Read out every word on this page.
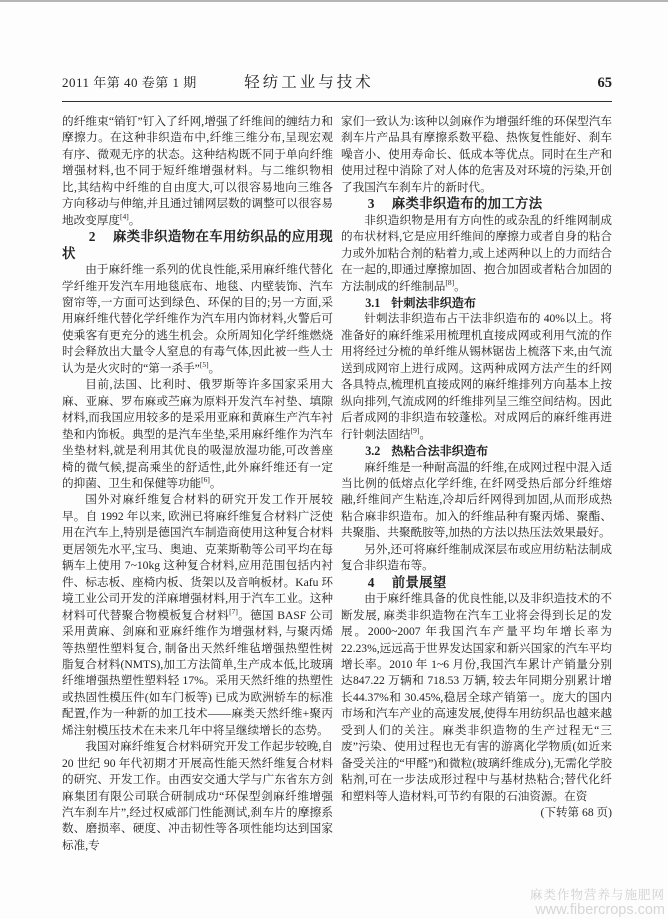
2011 年第 40 卷第 1 期	轻纺工业与技术	65

的纤维束“销钉”钉入了纤网,增强了纤维间的缠结力和摩擦力。在这种非织造布中,纤维三维分布,呈现宏观有序、微观无序的状态。这种结构既不同于单向纤维增强材料,也不同于短纤维增强材料。与二维织物相比,其结构中纤维的自由度大,可以很容易地向三维各方向移动与伸缩,并且通过铺网层数的调整可以很容易地改变厚度[4]。

2 麻类非织造物在车用纺织品的应用现状

由于麻纤维一系列的优良性能,采用麻纤维代替化学纤维开发汽车用地毯底布、地毯、内壁装饰、汽车窗帘等,一方面可达到绿色、环保的目的;另一方面,采用麻纤维代替化学纤维作为汽车用内饰材料,火警后可使乘客有更充分的逃生机会。众所周知化学纤维燃烧时会释放出大量令人窒息的有毒气体,因此被一些人士认为是火灾时的“第一杀手”[5]。

目前,法国、比利时、俄罗斯等许多国家采用大麻、亚麻、罗布麻或苎麻为原料开发汽车衬垫、填隙材料,而我国应用较多的是采用亚麻和黄麻生产汽车衬垫和内饰板。典型的是汽车坐垫,采用麻纤维作为汽车坐垫材料,就是利用其优良的吸湿放湿功能,可改善座椅的微气候,提高乘坐的舒适性,此外麻纤维还有一定的抑菌、卫生和保健等功能[6]。

国外对麻纤维复合材料的研究开发工作开展较早。自 1992 年以来, 欧洲已将麻纤维复合材料广泛使用在汽车上,特别是德国汽车制造商使用这种复合材料更居领先水平,宝马、奥迪、克莱斯勒等公司平均在每辆车上使用 7~10kg 这种复合材料,应用范围包括内衬件、标志板、座椅内板、货架以及音响板材。Kafu 环境工业公司开发的洋麻增强材料,用于汽车工业。这种材料可代替聚合物模板复合材料[7]。德国 BASF 公司采用黄麻、剑麻和亚麻纤维作为增强材料, 与聚丙烯等热塑性塑料复合, 制备出天然纤维毡增强热塑性树脂复合材料(NMTS),加工方法简单,生产成本低,比玻璃纤维增强热塑性塑料轻 17%。采用天然纤维的热塑性或热固性模压件(如车门板等) 已成为欧洲轿车的标准配置,作为一种新的加工技术——麻类天然纤维+聚丙烯注射模压技术在未来几年中将呈继续增长的态势。

我国对麻纤维复合材料研究开发工作起步较晚,自 20 世纪 90 年代初期才开展高性能天然纤维复合材料的研究、开发工作。由西安交通大学与广东省东方剑麻集团有限公司联合研制成功“环保型剑麻纤维增强汽车刹车片”,经过权威部门性能测试,刹车片的摩擦系数、磨损率、硬度、冲击韧性等各项性能均达到国家标准,专

家们一致认为:该种以剑麻作为增强纤维的环保型汽车刹车片产品具有摩擦系数平稳、热恢复性能好、刹车噪音小、使用寿命长、低成本等优点。同时在生产和使用过程中消除了对人体的危害及对环境的污染,开创了我国汽车刹车片的新时代。

3 麻类非织造布的加工方法

非织造织物是用有方向性的或杂乱的纤维网制成的布状材料,它是应用纤维间的摩擦力或者自身的粘合力或外加粘合剂的粘着力,或上述两种以上的力而结合在一起的,即通过摩擦加固、抱合加固或者粘合加固的方法制成的纤维制品[8]。

3.1 针刺法非织造布

针刺法非织造布占干法非织造布的 40%以上。将准备好的麻纤维采用梳理机直接成网或利用气流的作用将经过分梳的单纤维从锡林锯齿上梳落下来,由气流送到成网帘上进行成网。这两种成网方法产生的纤网各具特点,梳理机直接成网的麻纤维排列方向基本上按纵向排列,气流成网的纤维排列呈三维空间结构。因此后者成网的非织造布较蓬松。对成网后的麻纤维再进行针刺法固结[9]。

3.2 热粘合法非织造布

麻纤维是一种耐高温的纤维,在成网过程中混入适当比例的低熔点化学纤维, 在纤网受热后部分纤维熔融,纤维间产生粘连,冷却后纤网得到加固,从而形成热粘合麻非织造布。加入的纤维品种有聚丙烯、聚酯、共聚脂、共聚酰胺等,加热的方法以热压法效果最好。

另外,还可将麻纤维制成深层布或应用纺粘法制成复合非织造布等。

4 前景展望

由于麻纤维具备的优良性能,以及非织造技术的不断发展, 麻类非织造物在汽车工业将会得到长足的发展。2000~2007 年我国汽车产量平均年增长率为22.23%,远远高于世界发达国家和新兴国家的汽车平均增长率。2010 年 1~6 月份,我国汽车累计产销量分别达847.22 万辆和 718.53 万辆, 较去年同期分别累计增长44.37%和 30.45%,稳居全球产销第一。庞大的国内市场和汽车产业的高速发展,使得车用纺织品也越来越受到人们的关注。麻类非织造物的生产过程无“三废”污染、使用过程也无有害的游离化学物质(如近来备受关注的“甲醛”)和微粒(玻璃纤维成分),无需化学胶粘剂,可在一步法成形过程中与基材热粘合;替代化纤和塑料等人造材料,可节约有限的石油资源。在资
(下转第 68 页)

麻类作物营养与施肥网
www.fibercrops.com
